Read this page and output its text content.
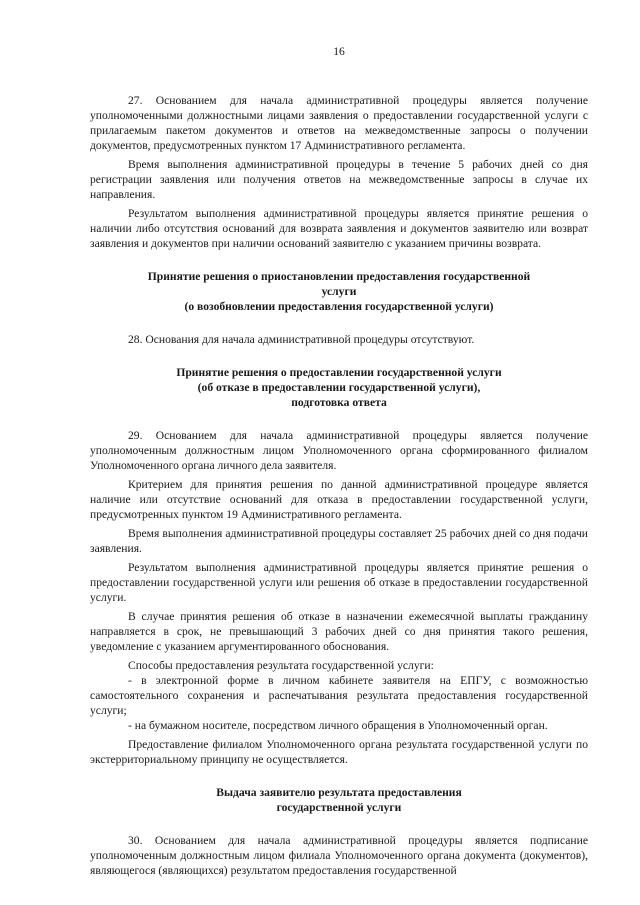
16

27. Основанием для начала административной процедуры является получение уполномоченными должностными лицами заявления о предоставлении государственной услуги с прилагаемым пакетом документов и ответов на межведомственные запросы о получении документов, предусмотренных пунктом 17 Административного регламента.

Время выполнения административной процедуры в течение 5 рабочих дней со дня регистрации заявления или получения ответов на межведомственные запросы в случае их направления.

Результатом выполнения административной процедуры является принятие решения о наличии либо отсутствия оснований для возврата заявления и документов заявителю или возврат заявления и документов при наличии оснований заявителю с указанием причины возврата.

Принятие решения о приостановлении предоставления государственной
услуги
(о возобновлении предоставления государственной услуги)

28. Основания для начала административной процедуры отсутствуют.

Принятие решения о предоставлении государственной услуги
(об отказе в предоставлении государственной услуги),
подготовка ответа

29. Основанием для начала административной процедуры является получение уполномоченным должностным лицом Уполномоченного органа сформированного филиалом Уполномоченного органа личного дела заявителя.

Критерием для принятия решения по данной административной процедуре является наличие или отсутствие оснований для отказа в предоставлении государственной услуги, предусмотренных пунктом 19 Административного регламента.

Время выполнения административной процедуры составляет 25 рабочих дней со дня подачи заявления.

Результатом выполнения административной процедуры является принятие решения о предоставлении государственной услуги или решения об отказе в предоставлении государственной услуги.

В случае принятия решения об отказе в назначении ежемесячной выплаты гражданину направляется в срок, не превышающий 3 рабочих дней со дня принятия такого решения, уведомление с указанием аргументированного обоснования.

Способы предоставления результата государственной услуги:

- в электронной форме в личном кабинете заявителя на ЕПГУ, с возможностью самостоятельного сохранения и распечатывания результата предоставления государственной услуги;

- на бумажном носителе, посредством личного обращения в Уполномоченный орган.

Предоставление филиалом Уполномоченного органа результата государственной услуги по экстерриториальному принципу не осуществляется.

Выдача заявителю результата предоставления
государственной услуги

30. Основанием для начала административной процедуры является подписание уполномоченным должностным лицом филиала Уполномоченного органа документа (документов), являющегося (являющихся) результатом предоставления государственной
